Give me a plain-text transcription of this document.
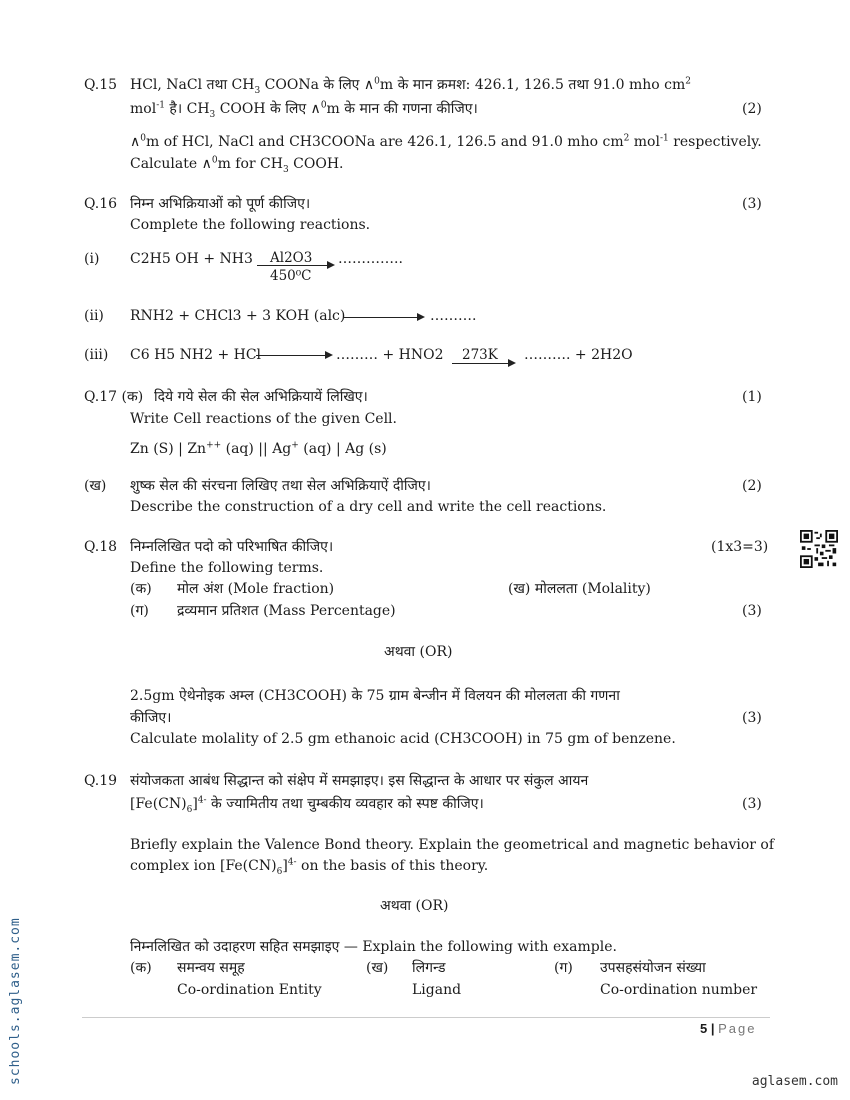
Q.15 HCl, NaCl तथा $CH_3$ COONa के लिए ∧$^0$m के मान क्रमश: 426.1, 126.5 तथा 91.0 mho $cm^2$
mol$^{-1}$ है। $CH_3$ COOH के लिए ∧$^0$m के मान की गणना कीजिए।	(2)
∧$^0$m of HCl, NaCl and CH3COONa are 426.1, 126.5 and 91.0 mho $cm^2$ mol$^{-1}$ respectively.
Calculate ∧$^0$m for $CH_3$ COOH.
Q.16 निम्न अभिक्रियाओं को पूर्ण कीजिए।	(3)
Complete the following reactions.
(i) C2H5 OH + NH3 Al2O3
450⁰C
…………..
(ii) RNH2 + CHCl3 + 3 KOH (alc)	……….
(iii) C6 H5 NH2 + HCl	……… + HNO2 273K ………. + 2H2O
Q.17 (क) दिये गये सेल की सेल अभिक्रियायें लिखिए।	(1)
Write Cell reactions of the given Cell.
Zn (S) | Zn++ (aq) || Ag+ (aq) | Ag (s)
(ख) शुष्क सेल की संरचना लिखिए तथा सेल अभिक्रियाऐं दीजिए।	(2)
Describe the construction of a dry cell and write the cell reactions.
Q.18 निम्नलिखित पदो को परिभाषित कीजिए।	(1x3=3)
Define the following terms.
(क) मोल अंश (Mole fraction)	(ख) मोललता (Molality)
(ग) द्रव्यमान प्रतिशत (Mass Percentage)	(3)
अथवा (OR)
2.5gm ऐथेनोइक अम्ल (CH3COOH) के 75 ग्राम बेन्जीन में विलयन की मोललता की गणना
कीजिए।	(3)
Calculate molality of 2.5 gm ethanoic acid (CH3COOH) in 75 gm of benzene.
Q.19 संयोजकता आबंध सिद्धान्त को संक्षेप में समझाइए। इस सिद्धान्त के आधार पर संकुल आयन
$[Fe(CN)_6]^{4-}$ के ज्यामितीय तथा चुम्बकीय व्यवहार को स्पष्ट कीजिए।	(3)
Briefly explain the Valence Bond theory. Explain the geometrical and magnetic behavior of
complex ion $[Fe(CN)_6]^{4-}$ on the basis of this theory.
अथवा (OR)
निम्नलिखित को उदाहरण सहित समझाइए — Explain the following with example.
(क) समन्वय समूह	(ख) लिगन्ड	(ग) उपसहसंयोजन संख्या
Co-ordination Entity	Ligand	Co-ordination number
5 | Page
schools.aglasem.com	aglasem.com
